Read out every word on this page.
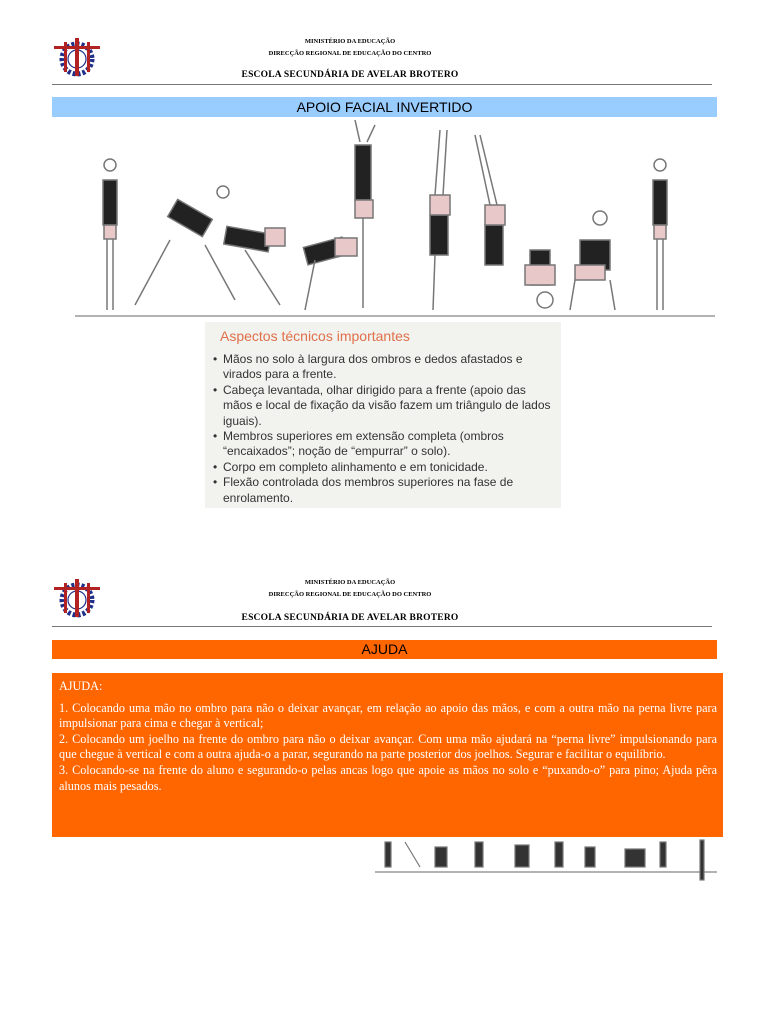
MINISTÉRIO DA EDUCAÇÃO
DIRECÇÃO REGIONAL DE EDUCAÇÃO DO CENTRO
ESCOLA SECUNDÁRIA DE AVELAR BROTERO
APOIO FACIAL INVERTIDO
Aspectos técnicos importantes
• Mãos no solo à largura dos ombros e dedos afastados e virados para a frente.
• Cabeça levantada, olhar dirigido para a frente (apoio das mãos e local de fixação da visão fazem um triângulo de lados iguais).
• Membros superiores em extensão completa (ombros “encaixados”; noção de “empurrar” o solo).
• Corpo em completo alinhamento e em tonicidade.
• Flexão controlada dos membros superiores na fase de enrolamento.
MINISTÉRIO DA EDUCAÇÃO
DIRECÇÃO REGIONAL DE EDUCAÇÃO DO CENTRO
ESCOLA SECUNDÁRIA DE AVELAR BROTERO
AJUDA

AJUDA:

1. Colocando uma mão no ombro para não o deixar avançar, em relação ao apoio das mãos, e com a outra mão na perna livre para impulsionar para cima e chegar à vertical;

2. Colocando um joelho na frente do ombro para não o deixar avançar. Com uma mão ajudará na “perna livre” impulsionando para que chegue à vertical e com a outra ajuda-o a parar, segurando na parte posterior dos joelhos. Segurar e facilitar o equilíbrio.

3. Colocando-se na frente do aluno e segurando-o pelas ancas logo que apoie as mãos no solo e “puxando-o” para pino; Ajuda pêra alunos mais pesados.
